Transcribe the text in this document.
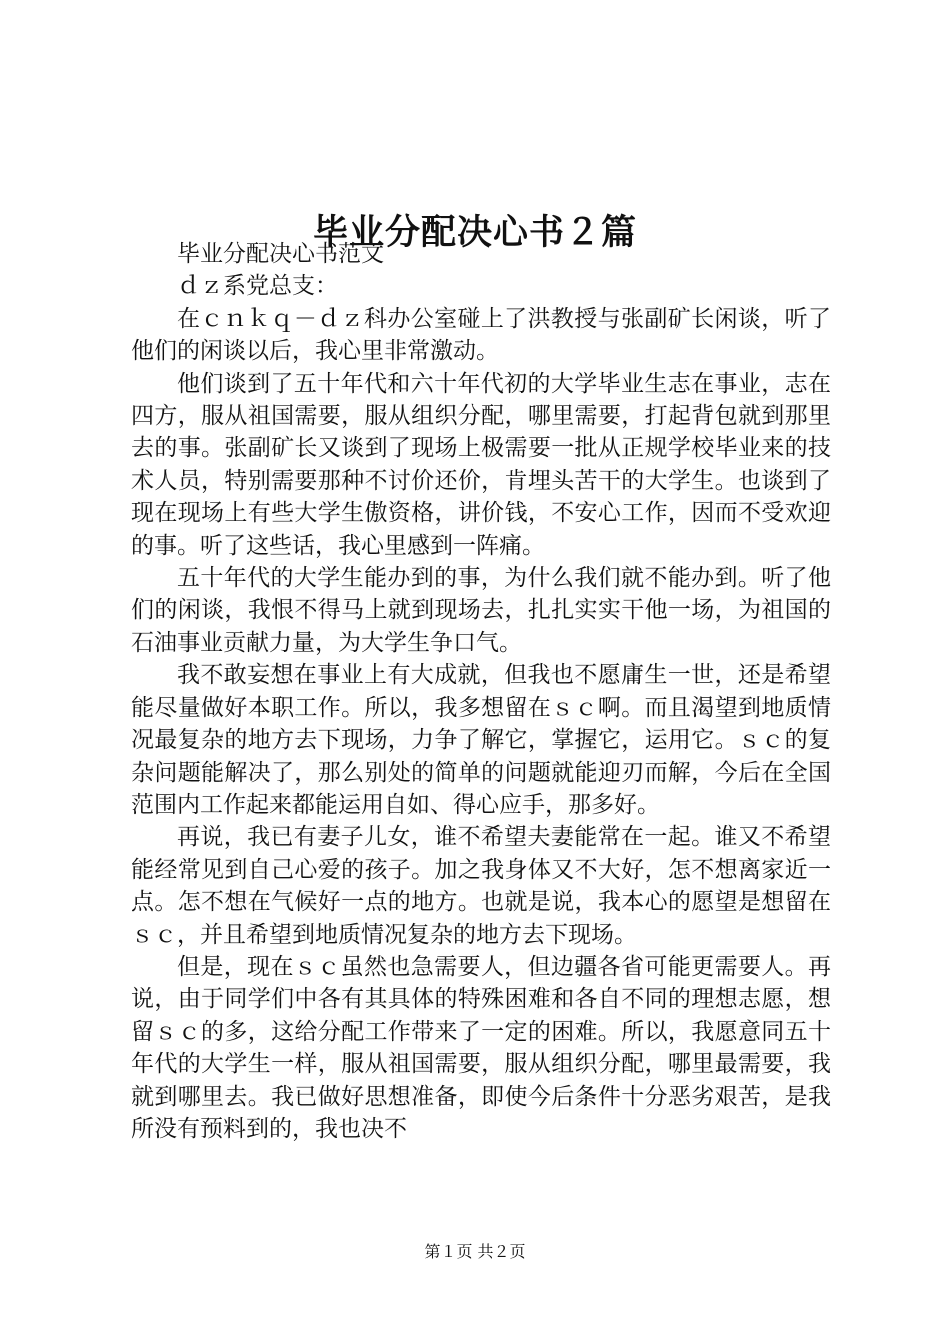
毕业分配决心书２篇

毕业分配决心书范文

ｄｚ系党总支：

在ｃｎｋｑ－ｄｚ科办公室碰上了洪教授与张副矿长闲谈，听了他们的闲谈以后，我心里非常激动。

他们谈到了五十年代和六十年代初的大学毕业生志在事业，志在四方，服从祖国需要，服从组织分配，哪里需要，打起背包就到那里去的事。张副矿长又谈到了现场上极需要一批从正规学校毕业来的技术人员，特别需要那种不讨价还价，肯埋头苦干的大学生。也谈到了现在现场上有些大学生傲资格，讲价钱，不安心工作，因而不受欢迎的事。听了这些话，我心里感到一阵痛。

五十年代的大学生能办到的事，为什么我们就不能办到。听了他们的闲谈，我恨不得马上就到现场去，扎扎实实干他一场，为祖国的石油事业贡献力量，为大学生争口气。

我不敢妄想在事业上有大成就，但我也不愿庸生一世，还是希望能尽量做好本职工作。所以，我多想留在ｓｃ啊。而且渴望到地质情况最复杂的地方去下现场，力争了解它，掌握它，运用它。ｓｃ的复杂问题能解决了，那么别处的简单的问题就能迎刃而解，今后在全国范围内工作起来都能运用自如、得心应手，那多好。

再说，我已有妻子儿女，谁不希望夫妻能常在一起。谁又不希望能经常见到自己心爱的孩子。加之我身体又不大好，怎不想离家近一点。怎不想在气候好一点的地方。也就是说，我本心的愿望是想留在ｓｃ，并且希望到地质情况复杂的地方去下现场。

但是，现在ｓｃ虽然也急需要人，但边疆各省可能更需要人。再说，由于同学们中各有其具体的特殊困难和各自不同的理想志愿，想留ｓｃ的多，这给分配工作带来了一定的困难。所以，我愿意同五十年代的大学生一样，服从祖国需要，服从组织分配，哪里最需要，我就到哪里去。我已做好思想准备，即使今后条件十分恶劣艰苦，是我所没有预料到的，我也决不

第１页 共２页
